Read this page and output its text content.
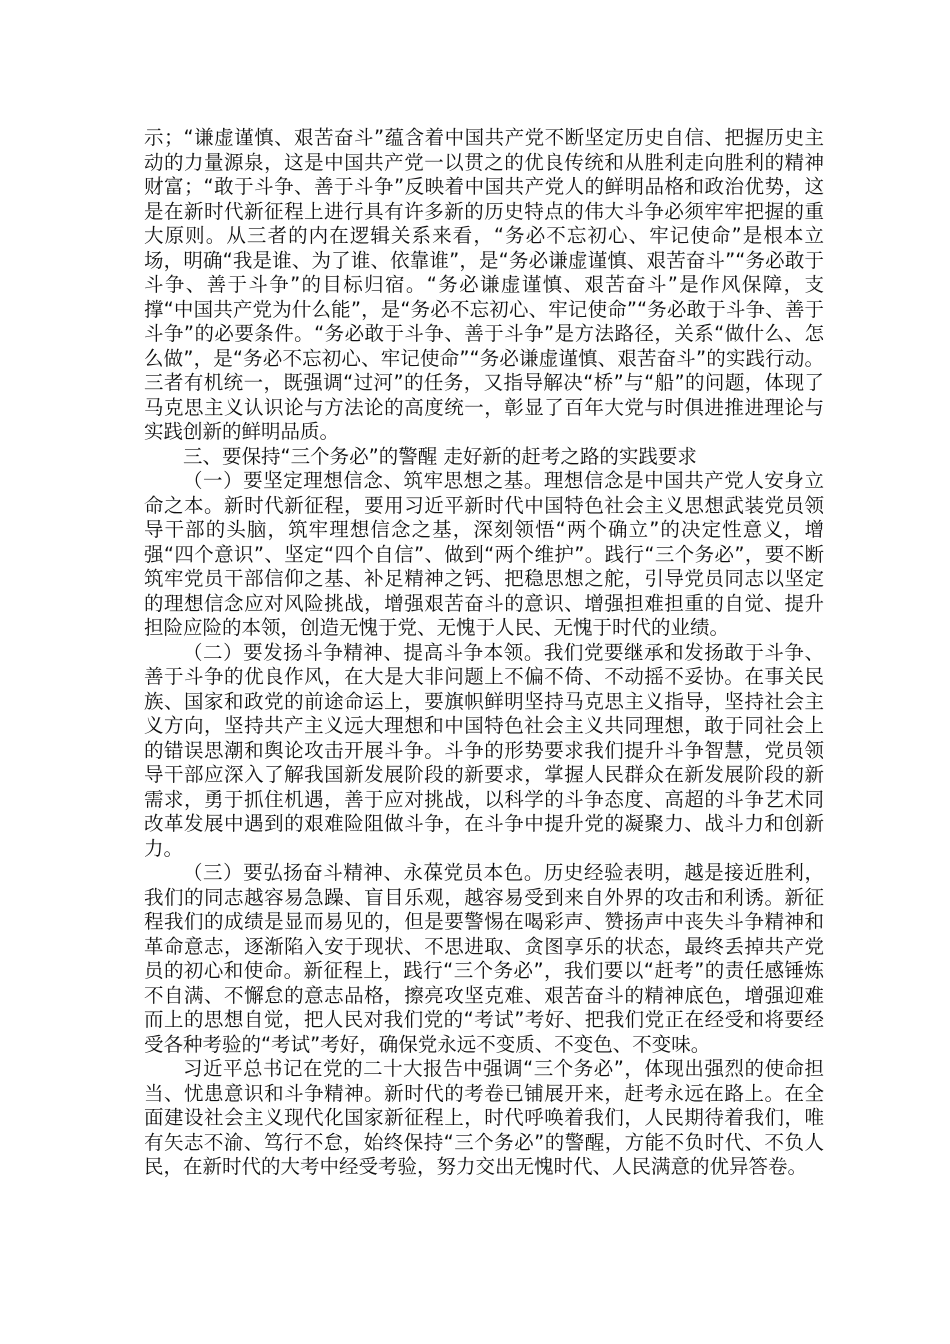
示；“谦虚谨慎、艰苦奋斗”蕴含着中国共产党不断坚定历史自信、把握历史主动的力量源泉，这是中国共产党一以贯之的优良传统和从胜利走向胜利的精神财富；“敢于斗争、善于斗争”反映着中国共产党人的鲜明品格和政治优势，这是在新时代新征程上进行具有许多新的历史特点的伟大斗争必须牢牢把握的重大原则。从三者的内在逻辑关系来看，“务必不忘初心、牢记使命”是根本立场，明确“我是谁、为了谁、依靠谁”，是“务必谦虚谨慎、艰苦奋斗”“务必敢于斗争、善于斗争”的目标归宿。“务必谦虚谨慎、艰苦奋斗”是作风保障，支撑“中国共产党为什么能”，是“务必不忘初心、牢记使命”“务必敢于斗争、善于斗争”的必要条件。“务必敢于斗争、善于斗争”是方法路径，关系“做什么、怎么做”，是“务必不忘初心、牢记使命”“务必谦虚谨慎、艰苦奋斗”的实践行动。三者有机统一，既强调“过河”的任务，又指导解决“桥”与“船”的问题，体现了马克思主义认识论与方法论的高度统一，彰显了百年大党与时俱进推进理论与实践创新的鲜明品质。

三、要保持“三个务必”的警醒 走好新的赶考之路的实践要求

（一）要坚定理想信念、筑牢思想之基。理想信念是中国共产党人安身立命之本。新时代新征程，要用习近平新时代中国特色社会主义思想武装党员领导干部的头脑，筑牢理想信念之基，深刻领悟“两个确立”的决定性意义，增强“四个意识”、坚定“四个自信”、做到“两个维护”。践行“三个务必”，要不断筑牢党员干部信仰之基、补足精神之钙、把稳思想之舵，引导党员同志以坚定的理想信念应对风险挑战，增强艰苦奋斗的意识、增强担难担重的自觉、提升担险应险的本领，创造无愧于党、无愧于人民、无愧于时代的业绩。

（二）要发扬斗争精神、提高斗争本领。我们党要继承和发扬敢于斗争、善于斗争的优良作风，在大是大非问题上不偏不倚、不动摇不妥协。在事关民族、国家和政党的前途命运上，要旗帜鲜明坚持马克思主义指导，坚持社会主义方向，坚持共产主义远大理想和中国特色社会主义共同理想，敢于同社会上的错误思潮和舆论攻击开展斗争。斗争的形势要求我们提升斗争智慧，党员领导干部应深入了解我国新发展阶段的新要求，掌握人民群众在新发展阶段的新需求，勇于抓住机遇，善于应对挑战，以科学的斗争态度、高超的斗争艺术同改革发展中遇到的艰难险阻做斗争，在斗争中提升党的凝聚力、战斗力和创新力。

（三）要弘扬奋斗精神、永葆党员本色。历史经验表明，越是接近胜利，我们的同志越容易急躁、盲目乐观，越容易受到来自外界的攻击和利诱。新征程我们的成绩是显而易见的，但是要警惕在喝彩声、赞扬声中丧失斗争精神和革命意志，逐渐陷入安于现状、不思进取、贪图享乐的状态，最终丢掉共产党员的初心和使命。新征程上，践行“三个务必”，我们要以“赶考”的责任感锤炼不自满、不懈怠的意志品格，擦亮攻坚克难、艰苦奋斗的精神底色，增强迎难而上的思想自觉，把人民对我们党的“考试”考好、把我们党正在经受和将要经受各种考验的“考试”考好，确保党永远不变质、不变色、不变味。

习近平总书记在党的二十大报告中强调“三个务必”，体现出强烈的使命担当、忧患意识和斗争精神。新时代的考卷已铺展开来，赶考永远在路上。在全面建设社会主义现代化国家新征程上，时代呼唤着我们，人民期待着我们，唯有矢志不渝、笃行不怠，始终保持“三个务必”的警醒，方能不负时代、不负人民，在新时代的大考中经受考验，努力交出无愧时代、人民满意的优异答卷。
